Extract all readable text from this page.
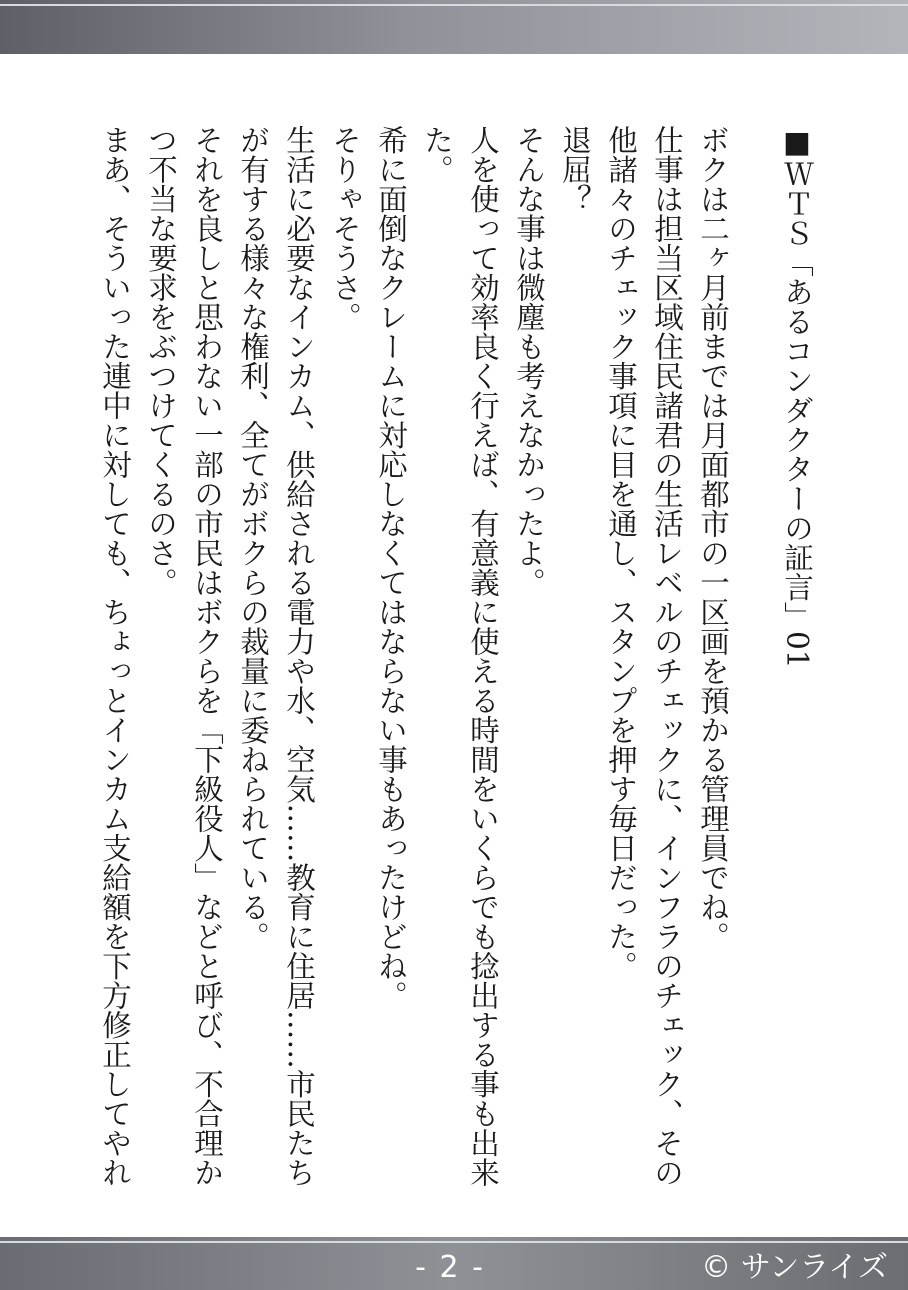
■ＷＴＳ「あるコンダクターの証言」01
ボクは二ヶ月前までは月面都市の一区画を預かる管理員でね。
仕事は担当区域住民諸君の生活レベルのチェックに、インフラのチェック、その
他諸々のチェック事項に目を通し、スタンプを押す毎日だった。
退屈？
そんな事は微塵も考えなかったよ。
人を使って効率良く行えば、有意義に使える時間をいくらでも捻出する事も出来
た。
希に面倒なクレームに対応しなくてはならない事もあったけどね。
そりゃそうさ。
生活に必要なインカム、供給される電力や水、空気……教育に住居……市民たち
が有する様々な権利、全てがボクらの裁量に委ねられている。
それを良しと思わない一部の市民はボクらを「下級役人」などと呼び、不合理か
つ不当な要求をぶつけてくるのさ。
まあ、そういった連中に対しても、ちょっとインカム支給額を下方修正してやれ
- 2 -	© サンライズ
